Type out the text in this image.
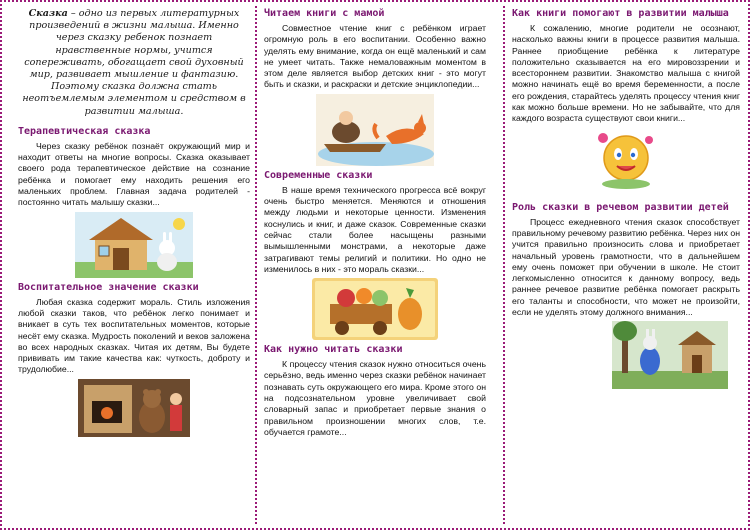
Сказка – одно из первых литературных произведений в жизни малыша. Именно через сказку ребенок познает нравственные нормы, учится сопереживать, обогащает свой духовный мир, развивает мышление и фантазию. Поэтому сказка должна стать неотъемлемым элементом и средством в развитии малыша.

Терапевтическая сказка

Через сказку ребёнок познаёт окружающий мир и находит ответы на многие вопросы. Сказка оказывает своего рода терапевтическое действие на сознание ребёнка и помогает ему находить решения его маленьких проблем. Главная задача родителей - постоянно читать малышу сказки...

Воспитательное значение сказки

Любая сказка содержит мораль. Стиль изложения любой сказки таков, что ребёнок легко понимает и вникает в суть тех воспитательных моментов, которые несёт ему сказка. Мудрость поколений и веков заложена во всех народных сказках. Читая их детям, Вы будете прививать им такие качества как: чуткость, доброту и трудолюбие...

Читаем книги с мамой

Совместное чтение книг с ребёнком играет огромную роль в его воспитании. Особенно важно уделять ему внимание, когда он ещё маленький и сам не умеет читать. Также немаловажным моментом в этом деле является выбор детских книг - это могут быть и сказки, и раскраски и детские энциклопедии...

Современные сказки

В наше время технического прогресса всё вокруг очень быстро меняется. Меняются и отношения между людьми и некоторые ценности. Изменения коснулись и книг, и даже сказок. Современные сказки сейчас стали более насыщены разными вымышленными монстрами, а некоторые даже затрагивают темы религий и политики. Но одно не изменилось в них - это мораль сказки...

Как нужно читать сказки

К процессу чтения сказок нужно относиться очень серьёзно, ведь именно через сказки ребёнок начинает познавать суть окружающего его мира. Кроме этого он на подсознательном уровне увеличивает свой словарный запас и приобретает первые знания о правильном произношении многих слов, т.е. обучается грамоте...

Как книги помогают в развитии малыша

К сожалению, многие родители не осознают, насколько важны книги в процессе развития малыша. Раннее приобщение ребёнка к литературе положительно сказывается на его мировоззрении и всестороннем развитии. Знакомство малыша с книгой можно начинать ещё во время беременности, а после его рождения, старайтесь уделять процессу чтения книг как можно больше времени. Но не забывайте, что для каждого возраста существуют свои книги...

Роль сказки в речевом развитии детей

Процесс ежедневного чтения сказок способствует правильному речевому развитию ребёнка. Через них он учится правильно произносить слова и приобретает начальный уровень грамотности, что в дальнейшем ему очень поможет при обучении в школе. Не стоит легкомысленно относится к данному вопросу, ведь раннее речевое развитие ребёнка помогает раскрыть его таланты и способности, что может не произойти, если не уделять этому должного внимания...
